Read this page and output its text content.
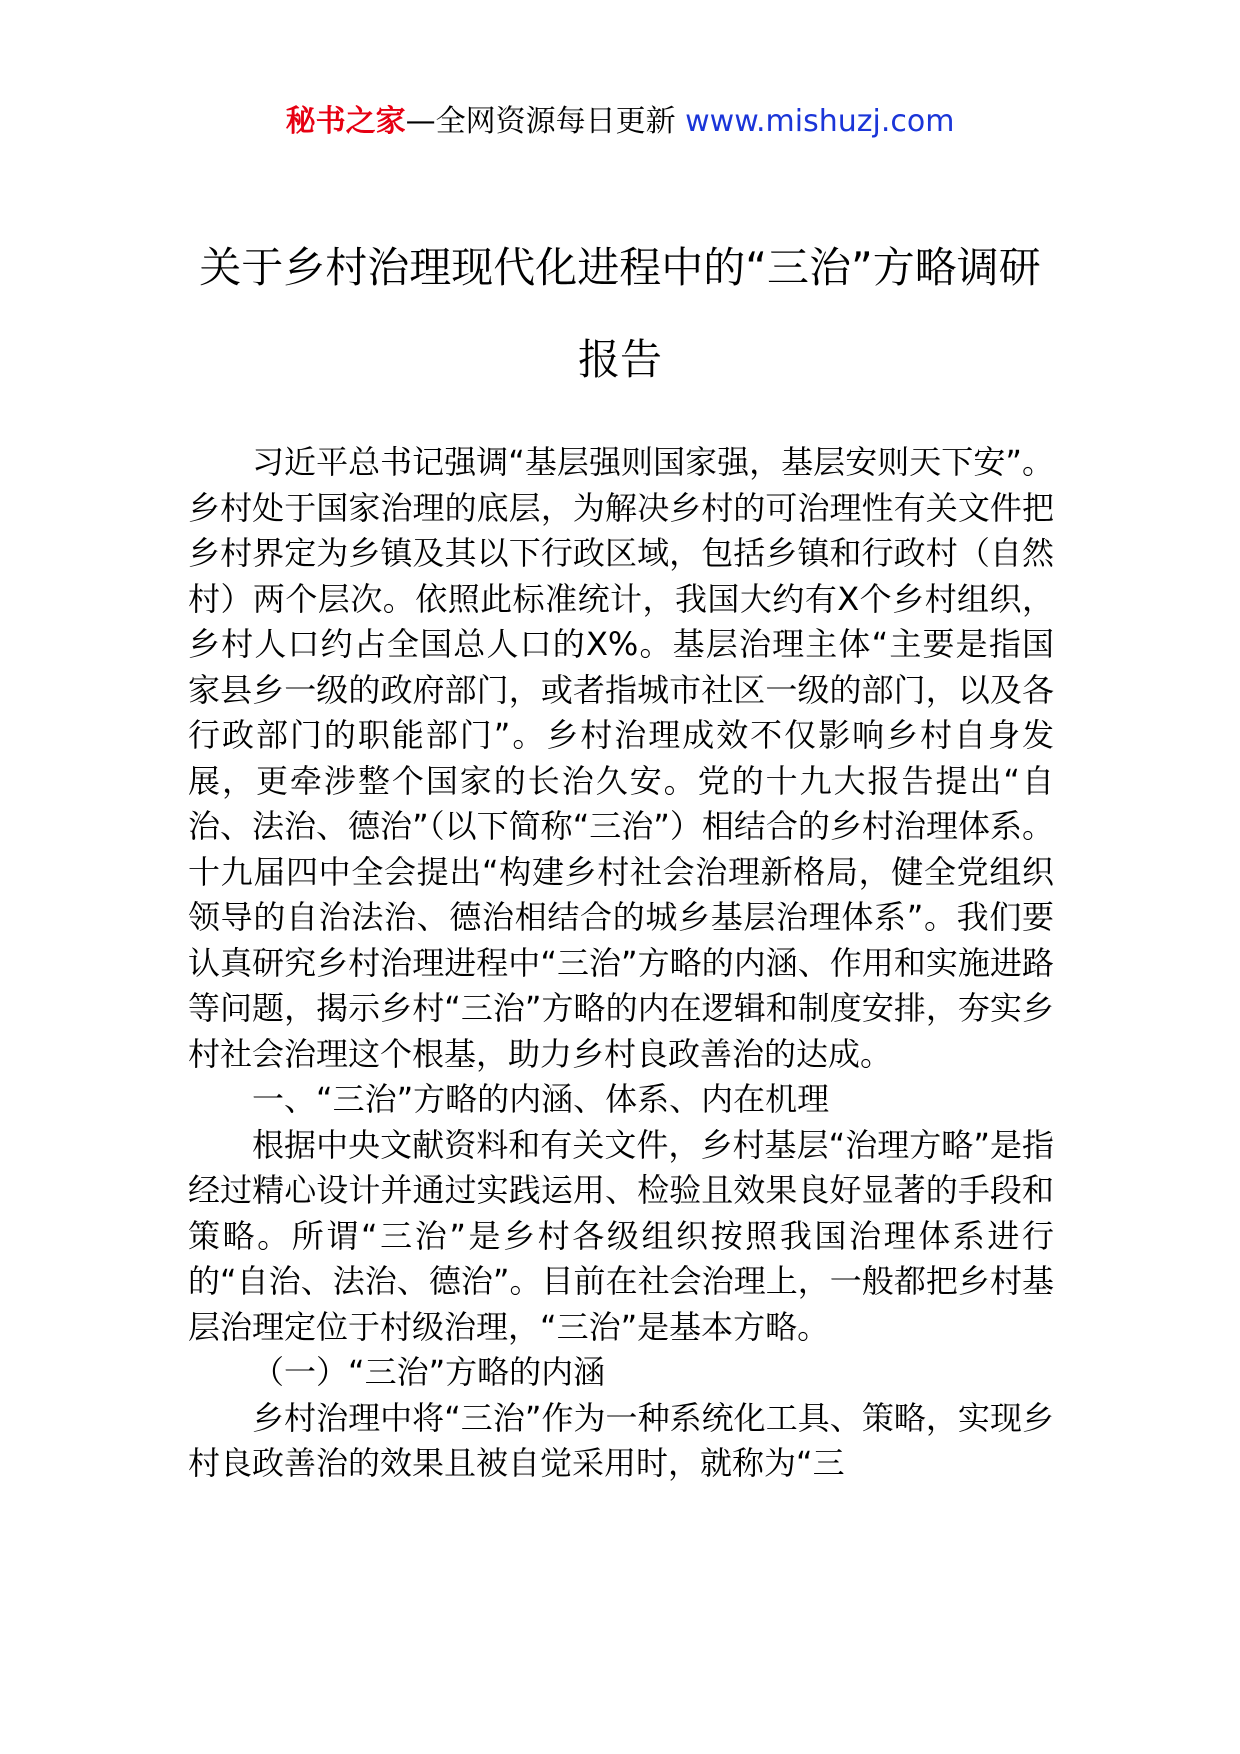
秘书之家—全网资源每日更新 www.mishuzj.com
关于乡村治理现代化进程中的“三治”方略调研报告

习近平总书记强调“基层强则国家强，基层安则天下安”。乡村处于国家治理的底层，为解决乡村的可治理性有关文件把乡村界定为乡镇及其以下行政区域，包括乡镇和行政村（自然村）两个层次。依照此标准统计，我国大约有X个乡村组织，乡村人口约占全国总人口的X%。基层治理主体“主要是指国家县乡一级的政府部门，或者指城市社区一级的部门，以及各行政部门的职能部门”。乡村治理成效不仅影响乡村自身发展，更牵涉整个国家的长治久安。党的十九大报告提出“自治、法治、德治”（以下简称“三治”）相结合的乡村治理体系。十九届四中全会提出“构建乡村社会治理新格局，健全党组织领导的自治法治、德治相结合的城乡基层治理体系”。我们要认真研究乡村治理进程中“三治”方略的内涵、作用和实施进路等问题，揭示乡村“三治”方略的内在逻辑和制度安排，夯实乡村社会治理这个根基，助力乡村良政善治的达成。

一、“三治”方略的内涵、体系、内在机理

根据中央文献资料和有关文件，乡村基层“治理方略”是指经过精心设计并通过实践运用、检验且效果良好显著的手段和策略。所谓“三治”是乡村各级组织按照我国治理体系进行的“自治、法治、德治”。目前在社会治理上，一般都把乡村基层治理定位于村级治理，“三治”是基本方略。

（一）“三治”方略的内涵

乡村治理中将“三治”作为一种系统化工具、策略，实现乡村良政善治的效果且被自觉采用时，就称为“三
